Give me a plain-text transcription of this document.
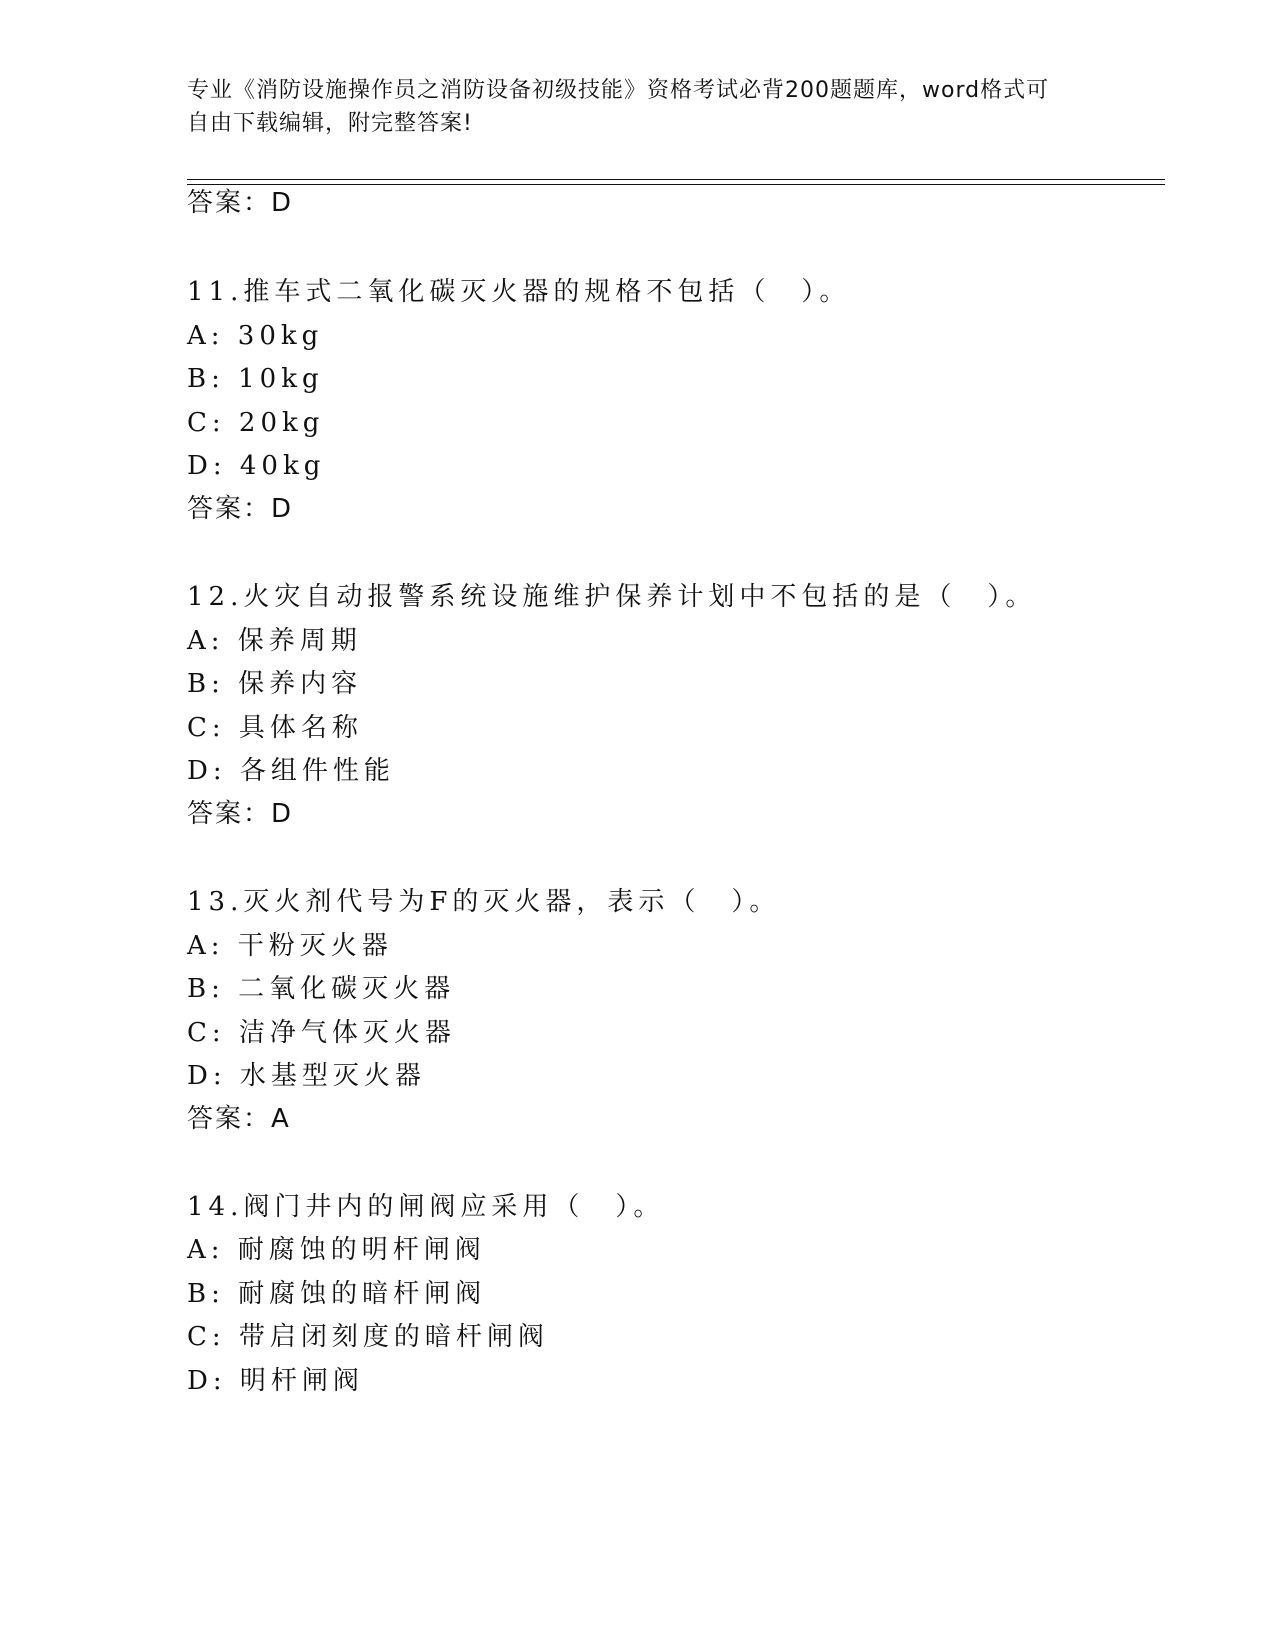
专业《消防设施操作员之消防设备初级技能》资格考试必背200题题库，word格式可自由下载编辑，附完整答案!
答案：D
11.推车式二氧化碳灭火器的规格不包括（　）。
A: 30kg
B: 10kg
C: 20kg
D: 40kg
答案：D
12.火灾自动报警系统设施维护保养计划中不包括的是（　）。
A: 保养周期
B: 保养内容
C: 具体名称
D: 各组件性能
答案：D
13.灭火剂代号为F的灭火器，表示（　）。
A: 干粉灭火器
B: 二氧化碳灭火器
C: 洁净气体灭火器
D: 水基型灭火器
答案：A
14.阀门井内的闸阀应采用（　）。
A: 耐腐蚀的明杆闸阀
B: 耐腐蚀的暗杆闸阀
C: 带启闭刻度的暗杆闸阀
D: 明杆闸阀
